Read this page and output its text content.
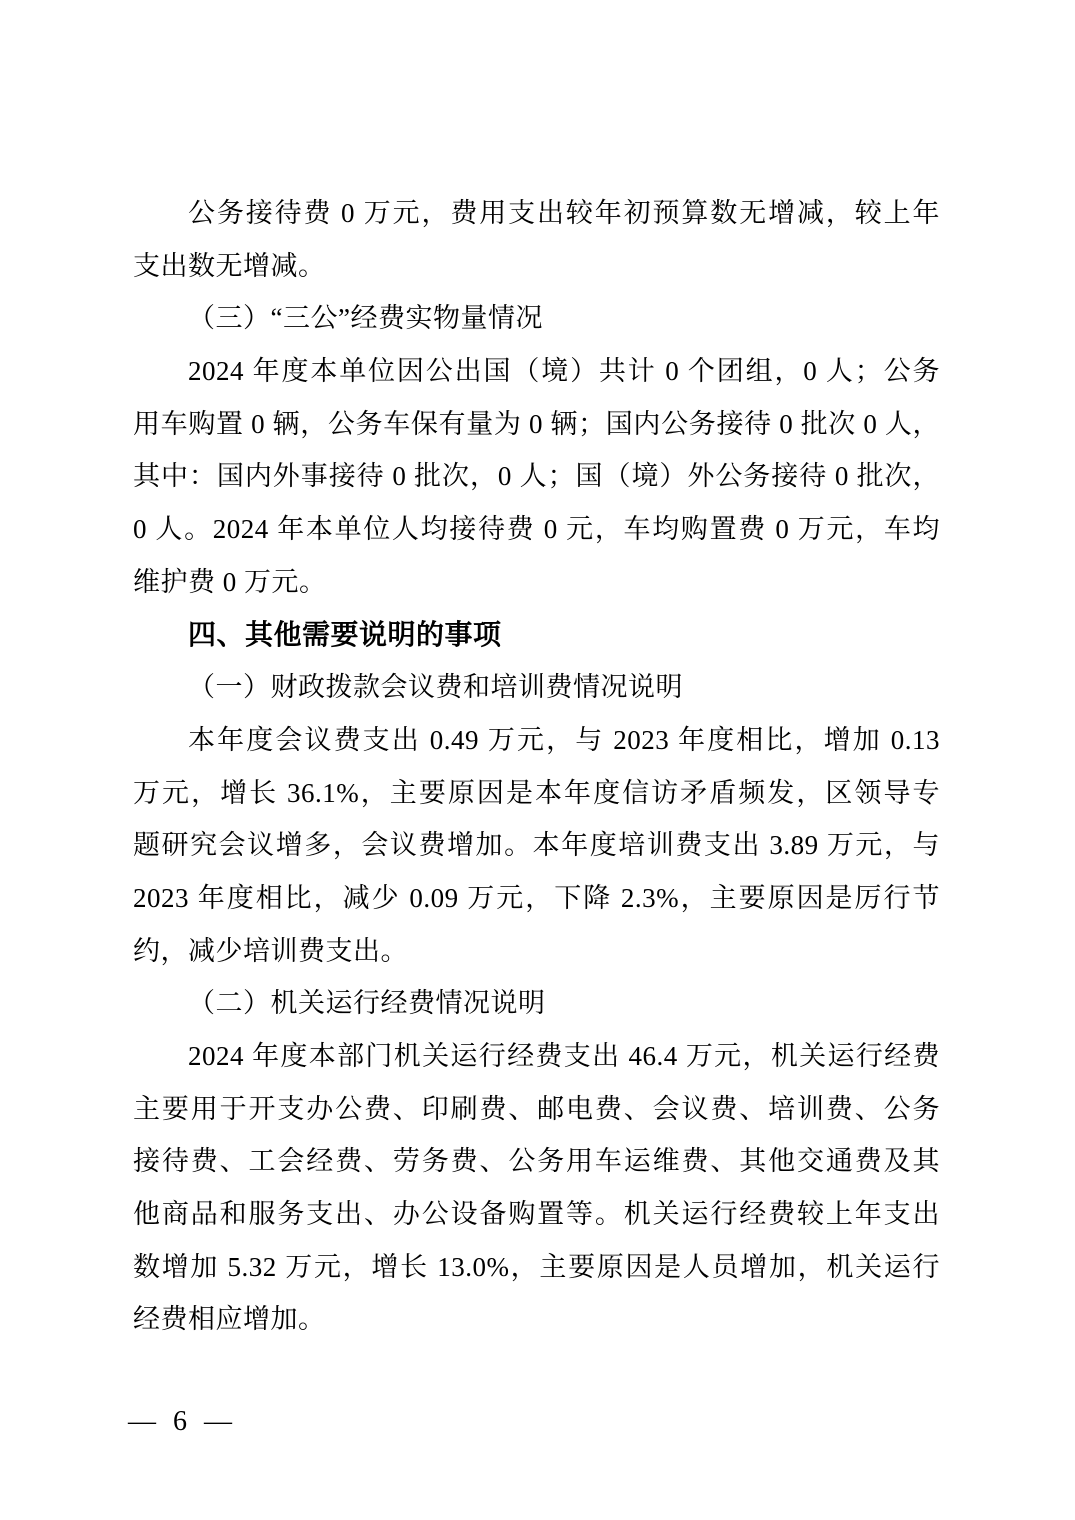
公务接待费 0 万元，费用支出较年初预算数无增减，较上年
支出数无增减。
（三）“三公”经费实物量情况
2024 年度本单位因公出国（境）共计 0 个团组，0 人；公务
用车购置 0 辆，公务车保有量为 0 辆；国内公务接待 0 批次 0 人，
其中：国内外事接待 0 批次，0 人；国（境）外公务接待 0 批次，
0 人。2024 年本单位人均接待费 0 元，车均购置费 0 万元，车均
维护费 0 万元。
四、其他需要说明的事项
（一）财政拨款会议费和培训费情况说明
本年度会议费支出 0.49 万元，与 2023 年度相比，增加 0.13
万元，增长 36.1%，主要原因是本年度信访矛盾频发，区领导专
题研究会议增多，会议费增加。本年度培训费支出 3.89 万元，与
2023 年度相比，减少 0.09 万元，下降 2.3%，主要原因是厉行节
约，减少培训费支出。
（二）机关运行经费情况说明
2024 年度本部门机关运行经费支出 46.4 万元，机关运行经费
主要用于开支办公费、印刷费、邮电费、会议费、培训费、公务
接待费、工会经费、劳务费、公务用车运维费、其他交通费及其
他商品和服务支出、办公设备购置等。机关运行经费较上年支出
数增加 5.32 万元，增长 13.0%，主要原因是人员增加，机关运行
经费相应增加。
— 6 —
